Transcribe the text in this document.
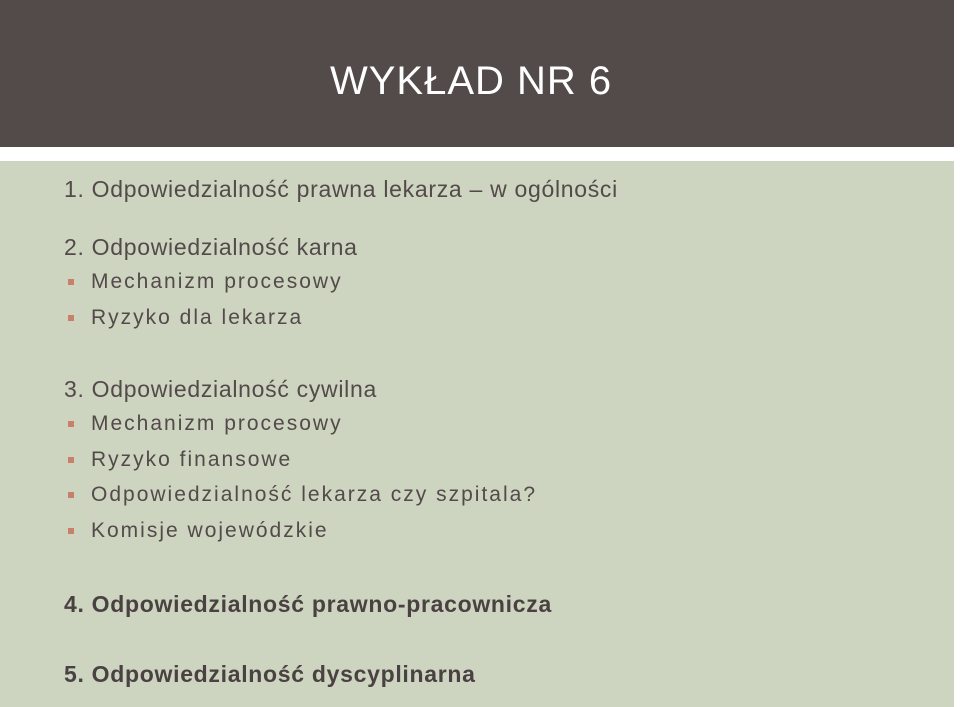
WYKŁAD NR 6
1. Odpowiedzialność prawna lekarza – w ogólności
2. Odpowiedzialność karna
Mechanizm procesowy
Ryzyko dla lekarza
3. Odpowiedzialność cywilna
Mechanizm procesowy
Ryzyko finansowe
Odpowiedzialność lekarza czy szpitala?
Komisje wojewódzkie
4. Odpowiedzialność prawno-pracownicza
5. Odpowiedzialność dyscyplinarna
